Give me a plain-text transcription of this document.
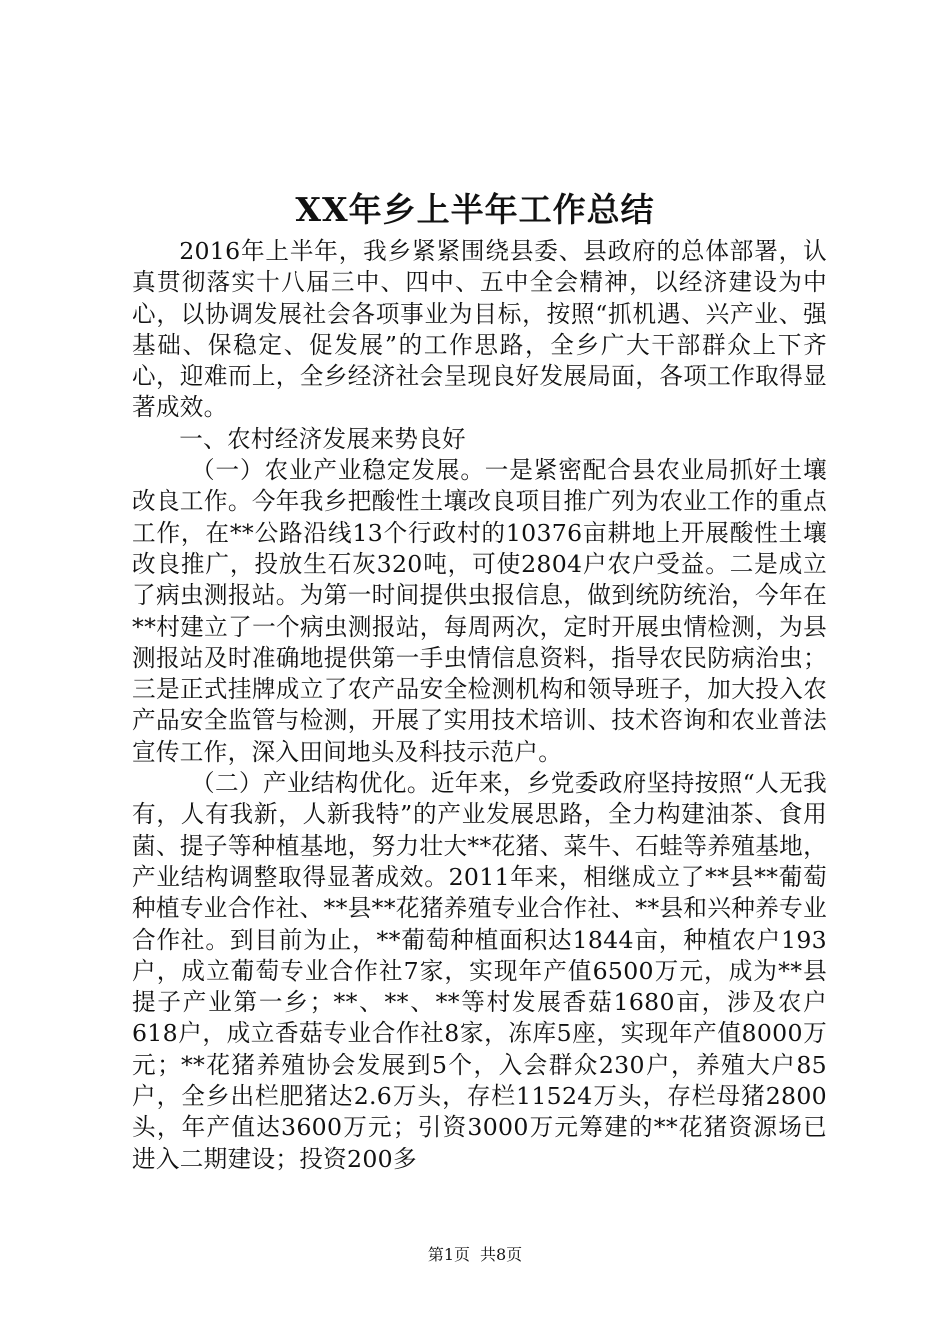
XX年乡上半年工作总结

2016年上半年，我乡紧紧围绕县委、县政府的总体部署，认真贯彻落实十八届三中、四中、五中全会精神，以经济建设为中心，以协调发展社会各项事业为目标，按照“抓机遇、兴产业、强基础、保稳定、促发展”的工作思路，全乡广大干部群众上下齐心，迎难而上，全乡经济社会呈现良好发展局面，各项工作取得显著成效。

一、农村经济发展来势良好

（一）农业产业稳定发展。一是紧密配合县农业局抓好土壤改良工作。今年我乡把酸性土壤改良项目推广列为农业工作的重点工作，在**公路沿线13个行政村的10376亩耕地上开展酸性土壤改良推广，投放生石灰320吨，可使2804户农户受益。二是成立了病虫测报站。为第一时间提供虫报信息，做到统防统治，今年在**村建立了一个病虫测报站，每周两次，定时开展虫情检测，为县测报站及时准确地提供第一手虫情信息资料，指导农民防病治虫；三是正式挂牌成立了农产品安全检测机构和领导班子，加大投入农产品安全监管与检测，开展了实用技术培训、技术咨询和农业普法宣传工作，深入田间地头及科技示范户。

（二）产业结构优化。近年来，乡党委政府坚持按照“人无我有，人有我新，人新我特”的产业发展思路，全力构建油茶、食用菌、提子等种植基地，努力壮大**花猪、菜牛、石蛙等养殖基地，产业结构调整取得显著成效。2011年来，相继成立了**县**葡萄种植专业合作社、**县**花猪养殖专业合作社、**县和兴种养专业合作社。到目前为止，**葡萄种植面积达1844亩，种植农户193户，成立葡萄专业合作社7家，实现年产值6500万元，成为**县提子产业第一乡；**、**、**等村发展香菇1680亩，涉及农户618户，成立香菇专业合作社8家，冻库5座，实现年产值8000万元；**花猪养殖协会发展到5个，入会群众230户，养殖大户85户，全乡出栏肥猪达2.6万头，存栏11524万头，存栏母猪2800头，年产值达3600万元；引资3000万元筹建的**花猪资源场已进入二期建设；投资200多

第1页 共8页
